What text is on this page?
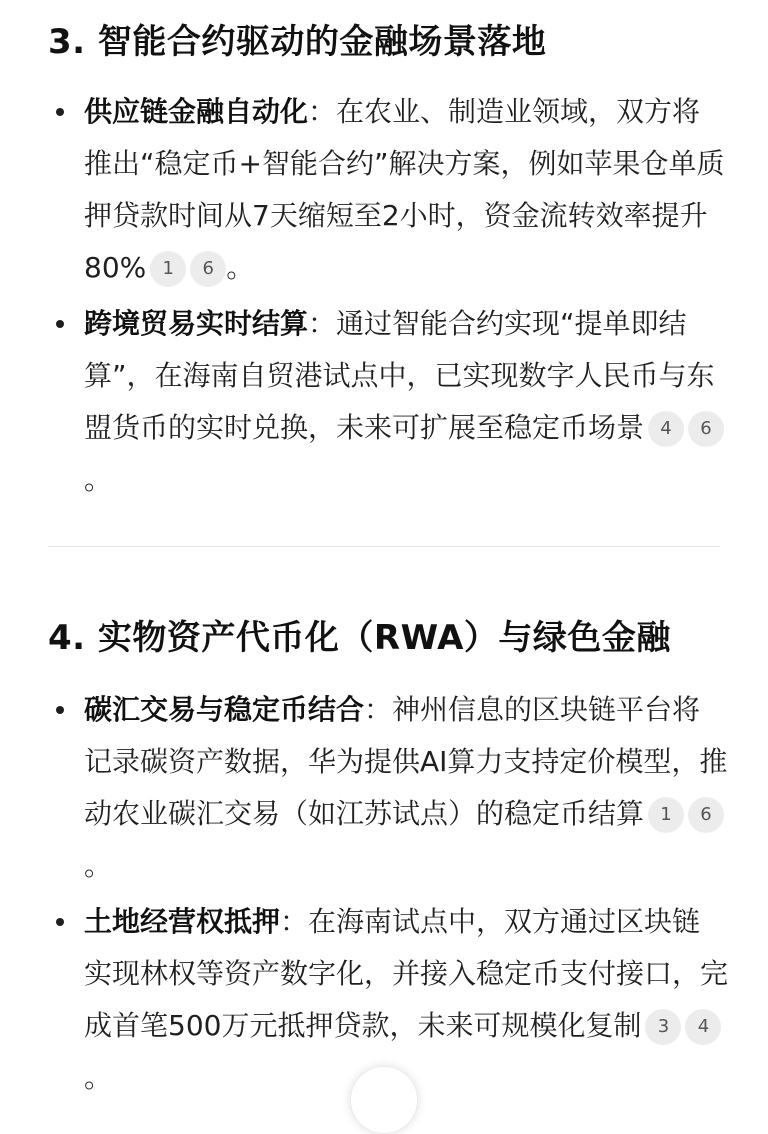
3. 智能合约驱动的金融场景落地
供应链金融自动化：在农业、制造业领域，双方将推出“稳定币+智能合约”解决方案，例如苹果仓单质押贷款时间从7天缩短至2小时，资金流转效率提升80% 1 6 。
跨境贸易实时结算：通过智能合约实现“提单即结算”，在海南自贸港试点中，已实现数字人民币与东盟货币的实时兑换，未来可扩展至稳定币场景 4 6。
4. 实物资产代币化（RWA）与绿色金融
碳汇交易与稳定币结合：神州信息的区块链平台将记录碳资产数据，华为提供AI算力支持定价模型，推动农业碳汇交易（如江苏试点）的稳定币结算 1 6。
土地经营权抵押：在海南试点中，双方通过区块链实现林权等资产数字化，并接入稳定币支付接口，完成首笔500万元抵押贷款，未来可规模化复制 3 4。
